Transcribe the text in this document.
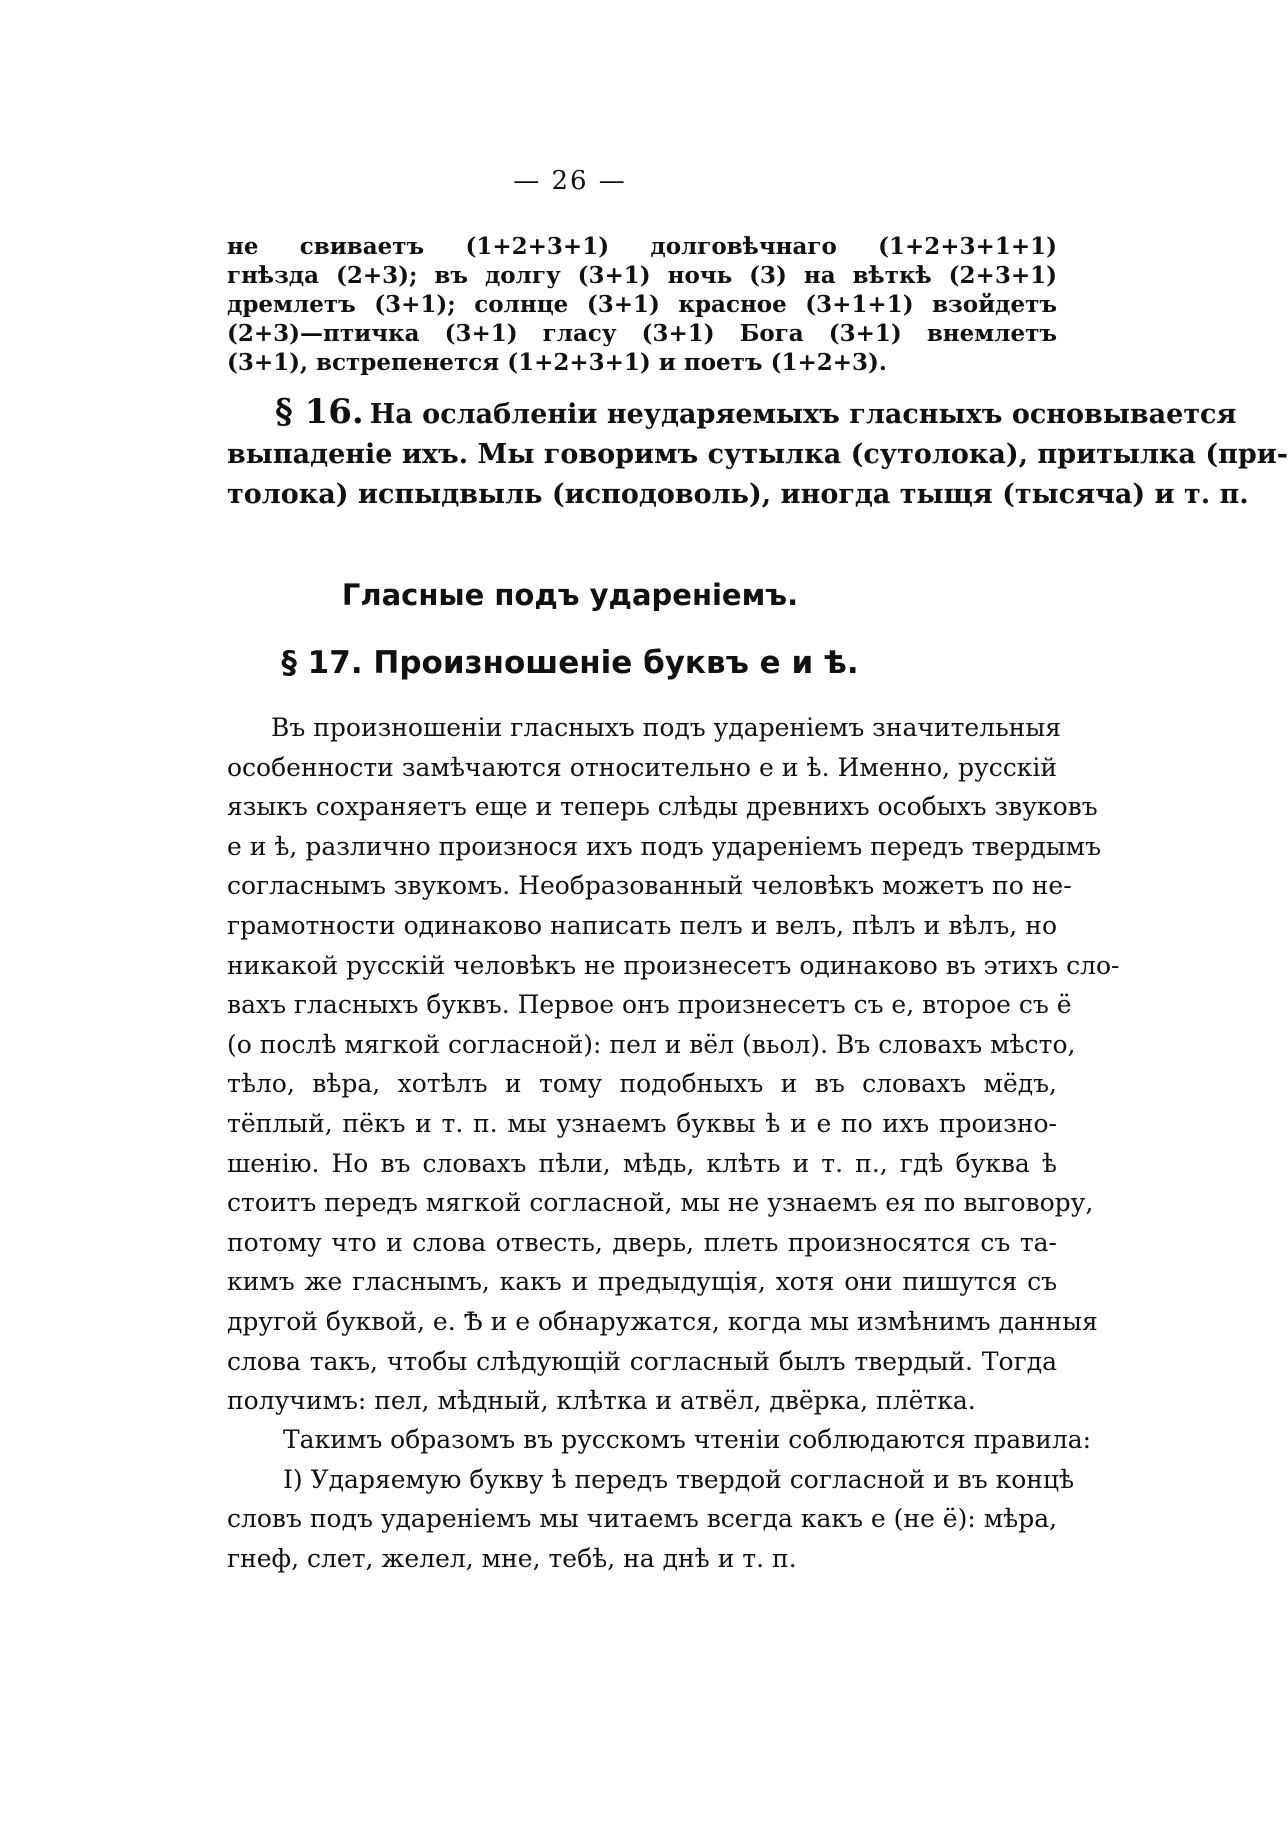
— 26 —
не свиваетъ (1+2+3+1) долговѣчнаго (1+2+3+1+1)
гнѣзда (2+3); въ долгу (3+1) ночь (3) на вѣткѣ (2+3+1)
дремлетъ (3+1); солнце (3+1) красное (3+1+1) взойдетъ
(2+3)—птичка (3+1) гласу (3+1) Бога (3+1) внемлетъ
(3+1), встрепенется (1+2+3+1) и поетъ (1+2+3).
§ 16. На ослабленіи неударяемыхъ гласныхъ основывается
выпаденіе ихъ. Мы говоримъ сутылка (сутолока), притылка (при-
толока) испыдвыль (исподоволь), иногда тыщя (тысяча) и т. п.
Гласные подъ удареніемъ.
§ 17. Произношеніе буквъ е и ѣ.
Въ произношеніи гласныхъ подъ удареніемъ значительныя
особенности замѣчаются относительно е и ѣ. Именно, русскій
языкъ сохраняетъ еще и теперь слѣды древнихъ особыхъ звуковъ
е и ѣ, различно произнося ихъ подъ удареніемъ передъ твердымъ
согласнымъ звукомъ. Необразованный человѣкъ можетъ по не-
грамотности одинаково написать пелъ и велъ, пѣлъ и вѣлъ, но
никакой русскій человѣкъ не произнесетъ одинаково въ этихъ сло-
вахъ гласныхъ буквъ. Первое онъ произнесетъ съ е, второе съ ё
(о послѣ мягкой согласной): пел и вёл (вьол). Въ словахъ мѣсто,
тѣло, вѣра, хотѣлъ и тому подобныхъ и въ словахъ мёдъ,
тёплый, пёкъ и т. п. мы узнаемъ буквы ѣ и е по ихъ произно-
шенію. Но въ словахъ пѣли, мѣдь, клѣть и т. п., гдѣ буква ѣ
стоитъ передъ мягкой согласной, мы не узнаемъ ея по выговору,
потому что и слова отвесть, дверь, плеть произносятся съ та-
кимъ же гласнымъ, какъ и предыдущія, хотя они пишутся съ
другой буквой, е. Ѣ и е обнаружатся, когда мы измѣнимъ данныя
слова такъ, чтобы слѣдующій согласный былъ твердый. Тогда
получимъ: пел, мѣдный, клѣтка и атвёл, двёрка, плётка.
Такимъ образомъ въ русскомъ чтеніи соблюдаются правила:
I) Ударяемую букву ѣ передъ твердой согласной и въ концѣ
словъ подъ удареніемъ мы читаемъ всегда какъ е (не ё): мѣра,
гнеф, слет, желел, мне, тебѣ, на днѣ и т. п.
